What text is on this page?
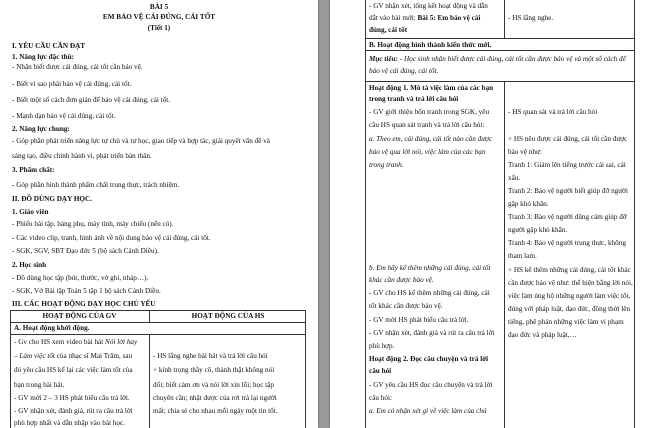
BÀI 5
EM BẢO VỆ CÁI ĐÚNG, CÁI TỐT
(Tiết 1)
I. YÊU CẦU CẦN ĐẠT
1. Năng lực đặc thù:
- Nhận biết được cái đúng, cái tốt cần bảo vệ.
- Biết vì sao phải bảo vệ cái đúng, cái tốt.
- Biết một số cách đơn giản để bảo vệ cái đúng, cái tốt.
- Mạnh dạn bảo vệ cái đúng, cái tốt.
2. Năng lực chung:
- Góp phần phát triển năng lực tự chủ và tự học, giao tiếp và hợp tác, giải quyết vấn đề và
sáng tạo, điều chỉnh hành vi, phát triển bản thân.
3. Phẩm chất:
- Góp phần hình thành phẩm chất trung thực, trách nhiệm.
II. ĐỒ DÙNG DẠY HỌC.
1. Giáo viên
- Phiếu bài tập, bảng phụ, máy tính, máy chiếu (nếu có).
- Các video clip, tranh, hình ảnh về nội dung bảo vệ cái đúng, cái tốt.
- SGK, SGV, SBT Đạo đức 5 (bộ sách Cánh Diều).
2. Học sinh
- Đồ dùng học tập (bút, thước, vở ghi, nháp…).
- SGK, Vở Bài tập Toán 5 tập 1 bộ sách Cánh Diều.
III. CÁC HOẠT ĐỘNG DẠY HỌC CHỦ YẾU
HOẠT ĐỘNG CỦA GV	HOẠT ĐỘNG CỦA HS
A. Hoạt động khởi động.
- Gv cho HS xem video bài hát Nói lời hay
– Làm việc tốt của nhạc sĩ Mai Trâm, sau
đó yêu cầu HS kể lại các việc làm tốt của
bạn trong bài hát.
- GV mời 2 – 3 HS phát biểu câu trả lời.
- GV nhận xét, đánh giá, rút ra câu trả lời
phù hợp nhất và dẫn nhập vào bài học.
- HS lắng nghe bài hát và trả lời câu hỏi
+ kính trọng thầy cô, thành thật không nói
dối; biết cảm ơn và nói lời xin lỗi; học tập
chuyên cần; nhặt được của rơi trả lại người
mất; chia sẻ cho nhau mỗi ngày một tin tốt.
- GV nhận xét, tổng kết hoạt động và dẫn
dắt vào bài mới: Bài 5: Em bảo vệ cái
đúng, cái tốt
- HS lắng nghe.
B. Hoạt động hình thành kiến thức mới.
Mục tiêu: - Học sinh nhận biết được cái đúng, cái tốt cần được bảo vệ và một số cách để
bảo vệ cái đúng, cái tốt.
Hoạt động 1. Mô tả việc làm của các bạn
trong tranh và trả lời câu hỏi
- GV giới thiệu bốn tranh trong SGK, yêu
cầu HS quan sát tranh và trả lời câu hỏi:
a. Theo em, cái đúng, cái tốt nào cần được
bảo vệ qua lời nói, việc làm của các bạn
trong tranh.
b. Em hãy kể thêm những cái đúng, cái tốt
khác cần được bảo vệ.
- GV cho HS kể thêm những cái đúng, cái
tốt khác cần được bảo vệ.
- GV mời HS phát biểu câu trả lời.
- GV nhận xét, đánh giá và rút ra câu trả lời
phù hợp.
Hoạt động 2. Đọc câu chuyện và trả lời
câu hỏi
- GV yêu cầu HS đọc câu chuyện và trả lời
câu hỏi:
a. Em có nhận xét gì về việc làm của chú
- HS quan sát và trả lời câu hỏi
+ HS nêu được cái đúng, cái tốt cần được
bảo vệ như:
Tranh 1: Giảm lên tiếng trước cái sai, cái
xấu.
Tranh 2: Bảo vệ người biết giúp đỡ người
gặp khó khăn.
Tranh 3: Bảo vệ người dũng cảm giúp đỡ
người gặp khó khăn.
Tranh 4: Bảo vệ người trung thực, không
tham lam.
+ HS kể thêm những cái đúng, cái tốt khác
cần được bảo vệ như: thể hiện bằng lời nói,
việc làm ủng hộ những người làm việc tốt,
đúng với pháp luật, đạo đức, đồng thời lên
tiếng, phê phán những việc làm vi phạm
đạo đức và pháp luật,…
